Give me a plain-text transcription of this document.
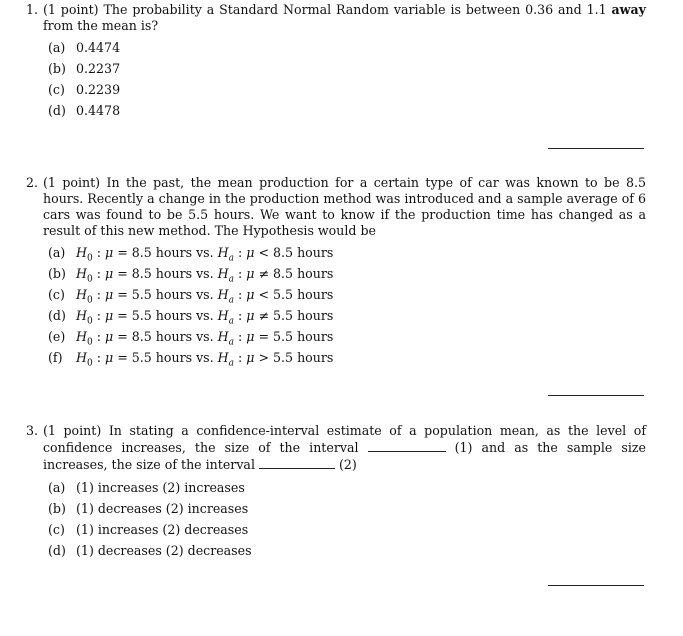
1. (1 point) The probability a Standard Normal Random variable is between 0.36 and 1.1 away from the mean is?
(a) 0.4474
(b) 0.2237
(c) 0.2239
(d) 0.4478
2. (1 point) In the past, the mean production for a certain type of car was known to be 8.5 hours. Recently a change in the production method was introduced and a sample average of 6 cars was found to be 5.5 hours. We want to know if the production time has changed as a result of this new method. The Hypothesis would be
(a) $H_0$ : μ = 8.5 hours vs. $H_a$ : μ < 8.5 hours
(b) $H_0$ : μ = 8.5 hours vs. $H_a$ : μ ≠ 8.5 hours
(c) $H_0$ : μ = 5.5 hours vs. $H_a$ : μ < 5.5 hours
(d) $H_0$ : μ = 5.5 hours vs. $H_a$ : μ ≠ 5.5 hours
(e) $H_0$ : μ = 8.5 hours vs. $H_a$ : μ = 5.5 hours
(f) $H_0$ : μ = 5.5 hours vs. $H_a$ : μ > 5.5 hours
3. (1 point) In stating a confidence-interval estimate of a population mean, as the level of confidence increases, the size of the interval	(1) and as the sample size increases, the size of the interval	(2)
(a) (1) increases (2) increases
(b) (1) decreases (2) increases
(c) (1) increases (2) decreases
(d) (1) decreases (2) decreases
